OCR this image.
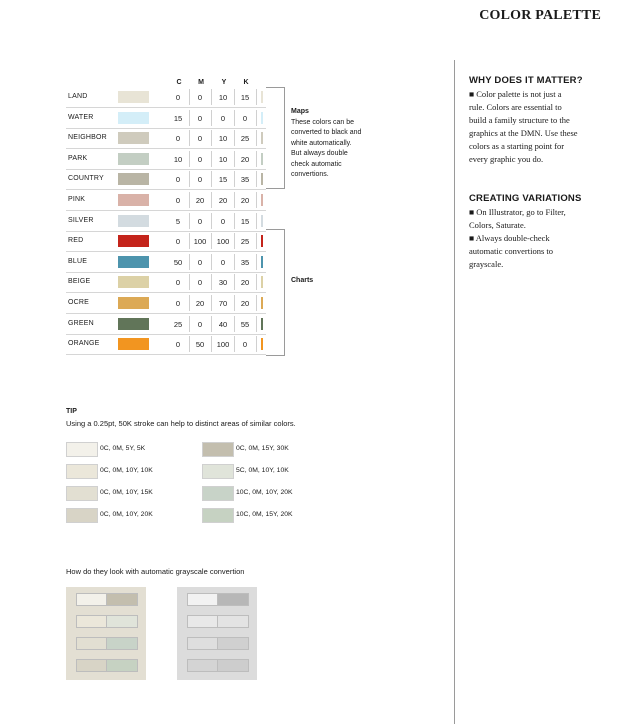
COLOR PALETTE
C	M	Y	K
LAND	0	0	10	15
WATER	15	0	0	0
NEIGHBOR	0	0	10	25
PARK	10	0	10	20
COUNTRY	0	0	15	35
PINK	0	20	20	20
SILVER	5	0	0	15
RED	0	100	100	25
BLUE	50	0	0	35
BEIGE	0	0	30	20
OCRE	0	20	70	20
GREEN	25	0	40	55
ORANGE	0	50	100	0
Maps
These colors can be
converted to black and
white automatically.
But always double
check automatic
convertions.
Charts
WHY DOES IT MATTER?
■ Color palette is not just a
rule. Colors are essential to
build a family structure to the
graphics at the DMN. Use these
colors as a starting point for
every graphic you do.
CREATING VARIATIONS
■ On Illustrator, go to Filter,
Colors, Saturate.
■ Always double-check
automatic convertions to
grayscale.
TIP
Using a 0.25pt, 50K stroke can help to distinct areas of similar colors.
0C, 0M, 5Y, 5K
0C, 0M, 10Y, 10K
0C, 0M, 10Y, 15K
0C, 0M, 10Y, 20K
0C, 0M, 15Y, 30K
5C, 0M, 10Y, 10K
10C, 0M, 10Y, 20K
10C, 0M, 15Y, 20K
How do they look with automatic grayscale convertion
